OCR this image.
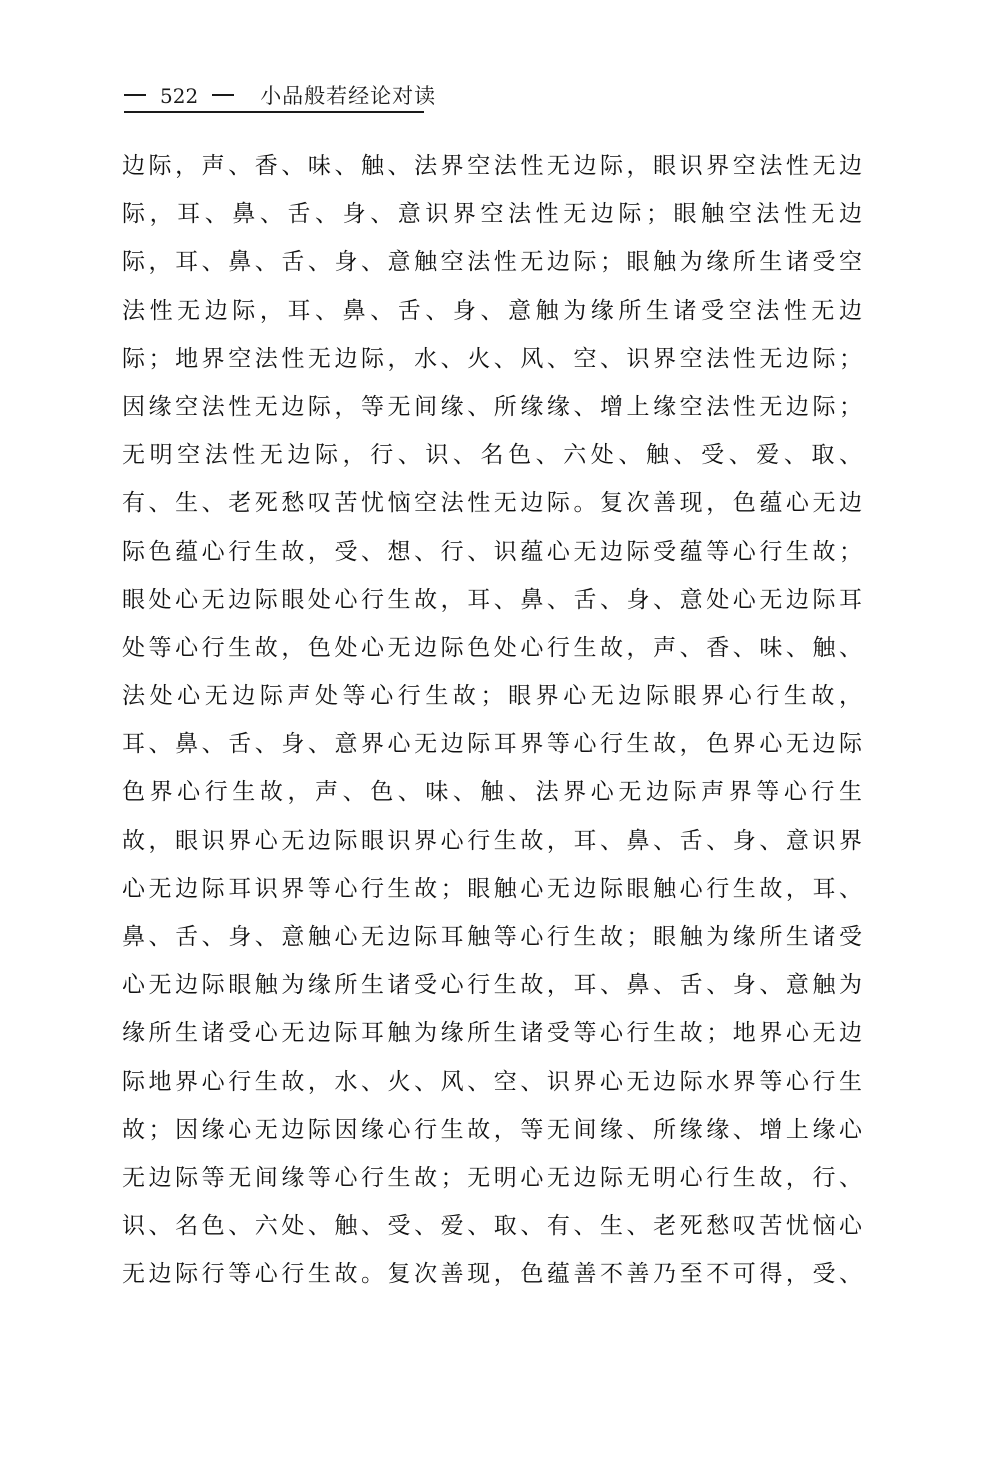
522	小品般若经论对读
边际，声、香、味、触、法界空法性无边际，眼识界空法性无边
际，耳、鼻、舌、身、意识界空法性无边际；眼触空法性无边
际，耳、鼻、舌、身、意触空法性无边际；眼触为缘所生诸受空
法性无边际，耳、鼻、舌、身、意触为缘所生诸受空法性无边
际；地界空法性无边际，水、火、风、空、识界空法性无边际；
因缘空法性无边际，等无间缘、所缘缘、增上缘空法性无边际；
无明空法性无边际，行、识、名色、六处、触、受、爱、取、
有、生、老死愁叹苦忧恼空法性无边际。复次善现，色蕴心无边
际色蕴心行生故，受、想、行、识蕴心无边际受蕴等心行生故；
眼处心无边际眼处心行生故，耳、鼻、舌、身、意处心无边际耳
处等心行生故，色处心无边际色处心行生故，声、香、味、触、
法处心无边际声处等心行生故；眼界心无边际眼界心行生故，
耳、鼻、舌、身、意界心无边际耳界等心行生故，色界心无边际
色界心行生故，声、色、味、触、法界心无边际声界等心行生
故，眼识界心无边际眼识界心行生故，耳、鼻、舌、身、意识界
心无边际耳识界等心行生故；眼触心无边际眼触心行生故，耳、
鼻、舌、身、意触心无边际耳触等心行生故；眼触为缘所生诸受
心无边际眼触为缘所生诸受心行生故，耳、鼻、舌、身、意触为
缘所生诸受心无边际耳触为缘所生诸受等心行生故；地界心无边
际地界心行生故，水、火、风、空、识界心无边际水界等心行生
故；因缘心无边际因缘心行生故，等无间缘、所缘缘、增上缘心
无边际等无间缘等心行生故；无明心无边际无明心行生故，行、
识、名色、六处、触、受、爱、取、有、生、老死愁叹苦忧恼心
无边际行等心行生故。复次善现，色蕴善不善乃至不可得，受、
